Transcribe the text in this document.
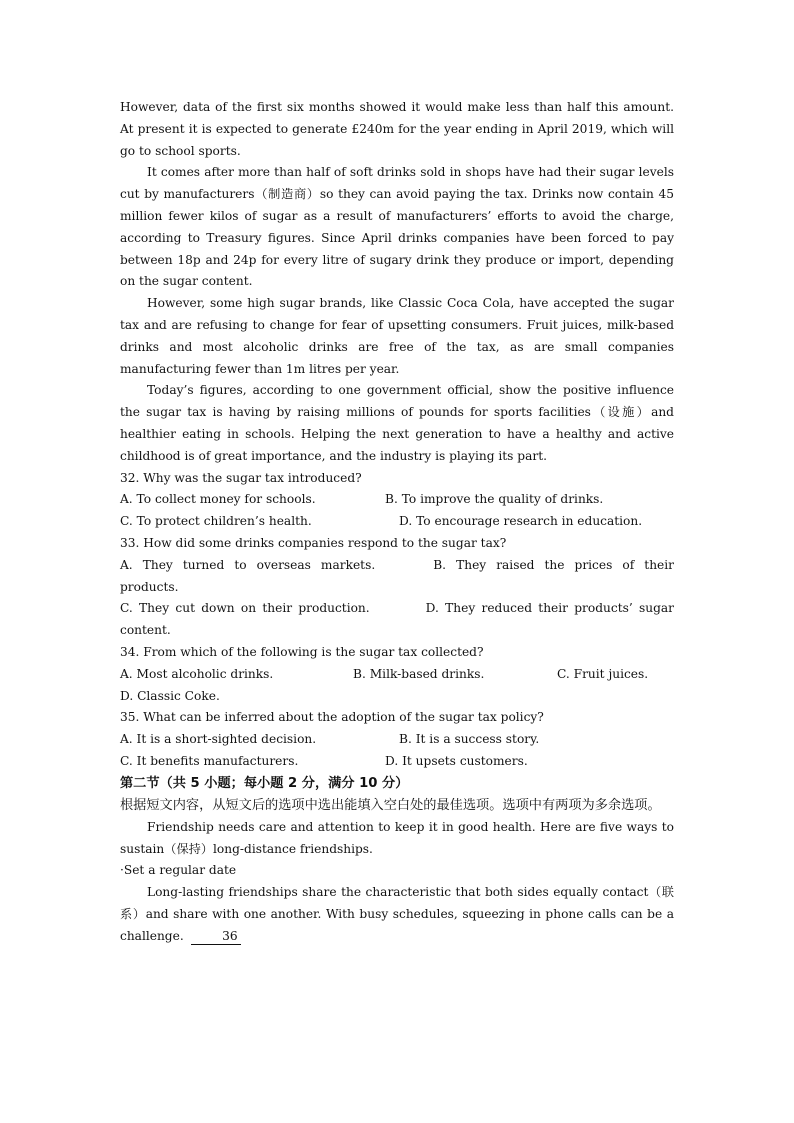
However, data of the first six months showed it would make less than half this amount. At present it is expected to generate £240m for the year ending in April 2019, which will go to school sports.

It comes after more than half of soft drinks sold in shops have had their sugar levels cut by manufacturers（制造商）so they can avoid paying the tax. Drinks now contain 45 million fewer kilos of sugar as a result of manufacturers’ efforts to avoid the charge, according to Treasury figures. Since April drinks companies have been forced to pay between 18p and 24p for every litre of sugary drink they produce or import, depending on the sugar content.

However, some high sugar brands, like Classic Coca Cola, have accepted the sugar tax and are refusing to change for fear of upsetting consumers. Fruit juices, milk-based drinks and most alcoholic drinks are free of the tax, as are small companies manufacturing fewer than 1m litres per year.

Today’s figures, according to one government official, show the positive influence the sugar tax is having by raising millions of pounds for sports facilities（设施）and healthier eating in schools. Helping the next generation to have a healthy and active childhood is of great importance, and the industry is playing its part.

32. Why was the sugar tax introduced?

A. To collect money for schools.	B. To improve the quality of drinks.
C. To protect children’s health.	D. To encourage research in education.

33. How did some drinks companies respond to the sugar tax?

A. They turned to overseas markets.	B. They raised the prices of their products.

C. They cut down on their production.	D. They reduced their products’ sugar content.

34. From which of the following is the sugar tax collected?

A. Most alcoholic drinks.	B. Milk-based drinks.	C. Fruit juices.

D. Classic Coke.

35. What can be inferred about the adoption of the sugar tax policy?

A. It is a short-sighted decision.	B. It is a success story.
C. It benefits manufacturers.	D. It upsets customers.

第二节（共 5 小题；每小题 2 分，满分 10 分）

根据短文内容，从短文后的选项中选出能填入空白处的最佳选项。选项中有两项为多余选项。

Friendship needs care and attention to keep it in good health. Here are five ways to sustain（保持）long-distance friendships.

·Set a regular date

Long-lasting friendships share the characteristic that both sides equally contact（联系）and share with one another. With busy schedules, squeezing in phone calls can be a challenge.	36
